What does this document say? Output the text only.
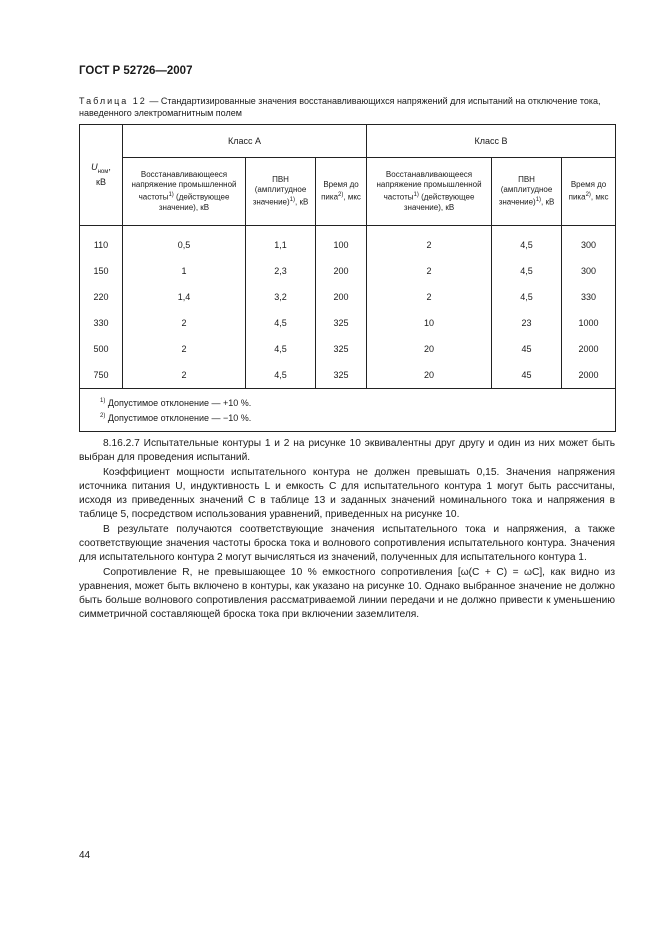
ГОСТ Р 52726—2007
Таблица 12 — Стандартизированные значения восстанавливающихся напряжений для испытаний на отключение тока, наведенного электромагнитным полем
$U_{ном}$,
кВ	Класс А			Класс В		
	Восстанавливающееся напряжение промышленной частоты$^{1)}$ (действующее значение), кВ	ПВН (амплитудное значение)$^{1)}$, кВ	Время до пика$^{2)}$, мкс	Восстанавливающееся напряжение промышленной частоты$^{1)}$ (действующее значение), кВ	ПВН (амплитудное значение)$^{1)}$, кВ	Время до пика$^{2)}$, мкс
110	0,5	1,1	100	2	4,5	300
150	1	2,3	200	2	4,5	300
220	1,4	3,2	200	2	4,5	330
330	2	4,5	325	10	23	1000
500	2	4,5	325	20	45	2000
750	2	4,5	325	20	45	2000

$^{1)}$ Допустимое отклонение — +10 %.
$^{2)}$ Допустимое отклонение — −10 %.						

8.16.2.7 Испытательные контуры 1 и 2 на рисунке 10 эквивалентны друг другу и один из них может быть выбран для проведения испытаний.

Коэффициент мощности испытательного контура не должен превышать 0,15. Значения напряжения источника питания U, индуктивность L и емкость C для испытательного контура 1 могут быть рассчитаны, исходя из приведенных значений C в таблице 13 и заданных значений номинального тока и напряжения в таблице 5, посредством использования уравнений, приведенных на рисунке 10.

В результате получаются соответствующие значения испытательного тока и напряжения, а также соответствующие значения частоты броска тока и волнового сопротивления испытательного контура. Значения для испытательного контура 2 могут вычисляться из значений, полученных для испытательного контура 1.

Сопротивление R, не превышающее 10 % емкостного сопротивления [ω(C + C) = ωC], как видно из уравнения, может быть включено в контуры, как указано на рисунке 10. Однако выбранное значение не должно быть больше волнового сопротивления рассматриваемой линии передачи и не должно привести к уменьшению симметричной составляющей броска тока при включении заземлителя.

44
